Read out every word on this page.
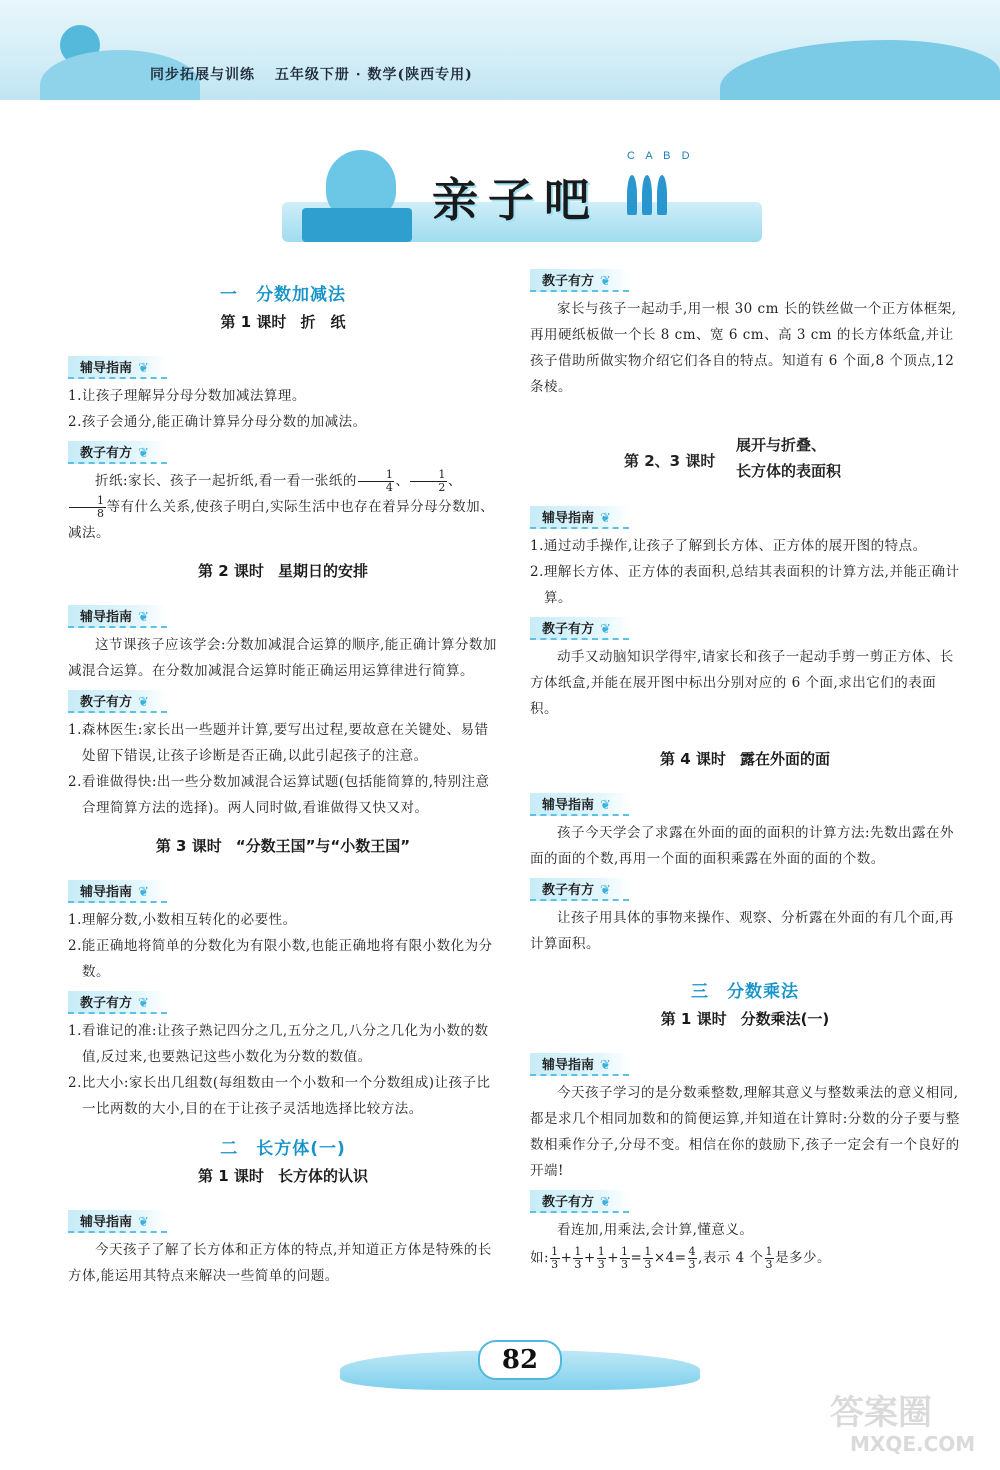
同步拓展与训练 五年级下册 · 数学(陕西专用)
亲子吧
C A B D
一 分数加减法
第 1 课时 折　纸
辅导指南 ❦

1.让孩子理解异分母分数加减法算理。

2.孩子会通分,能正确计算异分母分数的加减法。

教子有方 ❦

折纸:家长、孩子一起折纸,看一看一张纸的 $\frac{1}{4}$ 、 $\frac{1}{2}$ 、
$\frac{1}{8}$ 等有什么关系,使孩子明白,实际生活中也存在着异分母分数加、减法。

第 2 课时 星期日的安排
辅导指南 ❦

这节课孩子应该学会:分数加减混合运算的顺序,能正确计算分数加减混合运算。在分数加减混合运算时能正确运用运算律进行简算。

教子有方 ❦

1.森林医生:家长出一些题并计算,要写出过程,要故意在关键处、易错处留下错误,让孩子诊断是否正确,以此引起孩子的注意。

2.看谁做得快:出一些分数加减混合运算试题(包括能简算的,特别注意合理简算方法的选择)。两人同时做,看谁做得又快又对。

第 3 课时 “分数王国”与“小数王国”
辅导指南 ❦

1.理解分数,小数相互转化的必要性。

2.能正确地将简单的分数化为有限小数,也能正确地将有限小数化为分数。

教子有方 ❦

1.看谁记的准:让孩子熟记四分之几,五分之几,八分之几化为小数的数值,反过来,也要熟记这些小数化为分数的数值。

2.比大小:家长出几组数(每组数由一个小数和一个分数组成)让孩子比一比两数的大小,目的在于让孩子灵活地选择比较方法。

二 长方体(一)
第 1 课时 长方体的认识
辅导指南 ❦

今天孩子了解了长方体和正方体的特点,并知道正方体是特殊的长方体,能运用其特点来解决一些简单的问题。

教子有方 ❦

家长与孩子一起动手,用一根 30 cm 长的铁丝做一个正方体框架,再用硬纸板做一个长 8 cm、宽 6 cm、高 3 cm 的长方体纸盒,并让孩子借助所做实物介绍它们各自的特点。知道有 6 个面,8 个顶点,12 条棱。

第 2、3 课时
展开与折叠、
长方体的表面积
辅导指南 ❦

1.通过动手操作,让孩子了解到长方体、正方体的展开图的特点。

2.理解长方体、正方体的表面积,总结其表面积的计算方法,并能正确计算。

教子有方 ❦

动手又动脑知识学得牢,请家长和孩子一起动手剪一剪正方体、长方体纸盒,并能在展开图中标出分别对应的 6 个面,求出它们的表面积。

第 4 课时 露在外面的面
辅导指南 ❦

孩子今天学会了求露在外面的面的面积的计算方法:先数出露在外面的面的个数,再用一个面的面积乘露在外面的面的个数。

教子有方 ❦

让孩子用具体的事物来操作、观察、分析露在外面的有几个面,再计算面积。

三 分数乘法
第 1 课时 分数乘法(一)
辅导指南 ❦

今天孩子学习的是分数乘整数,理解其意义与整数乘法的意义相同,都是求几个相同加数和的简便运算,并知道在计算时:分数的分子要与整数相乘作分子,分母不变。相信在你的鼓励下,孩子一定会有一个良好的开端!

教子有方 ❦

看连加,用乘法,会计算,懂意义。

如: $\frac{1}{3} + \frac{1}{3} + \frac{1}{3} + \frac{1}{3} = \frac{1}{3} \times 4= \frac{4}{3}$ ,表示 4 个 $\frac{1}{3}$ 是多少。

82
答案圈
MXQE.COM
